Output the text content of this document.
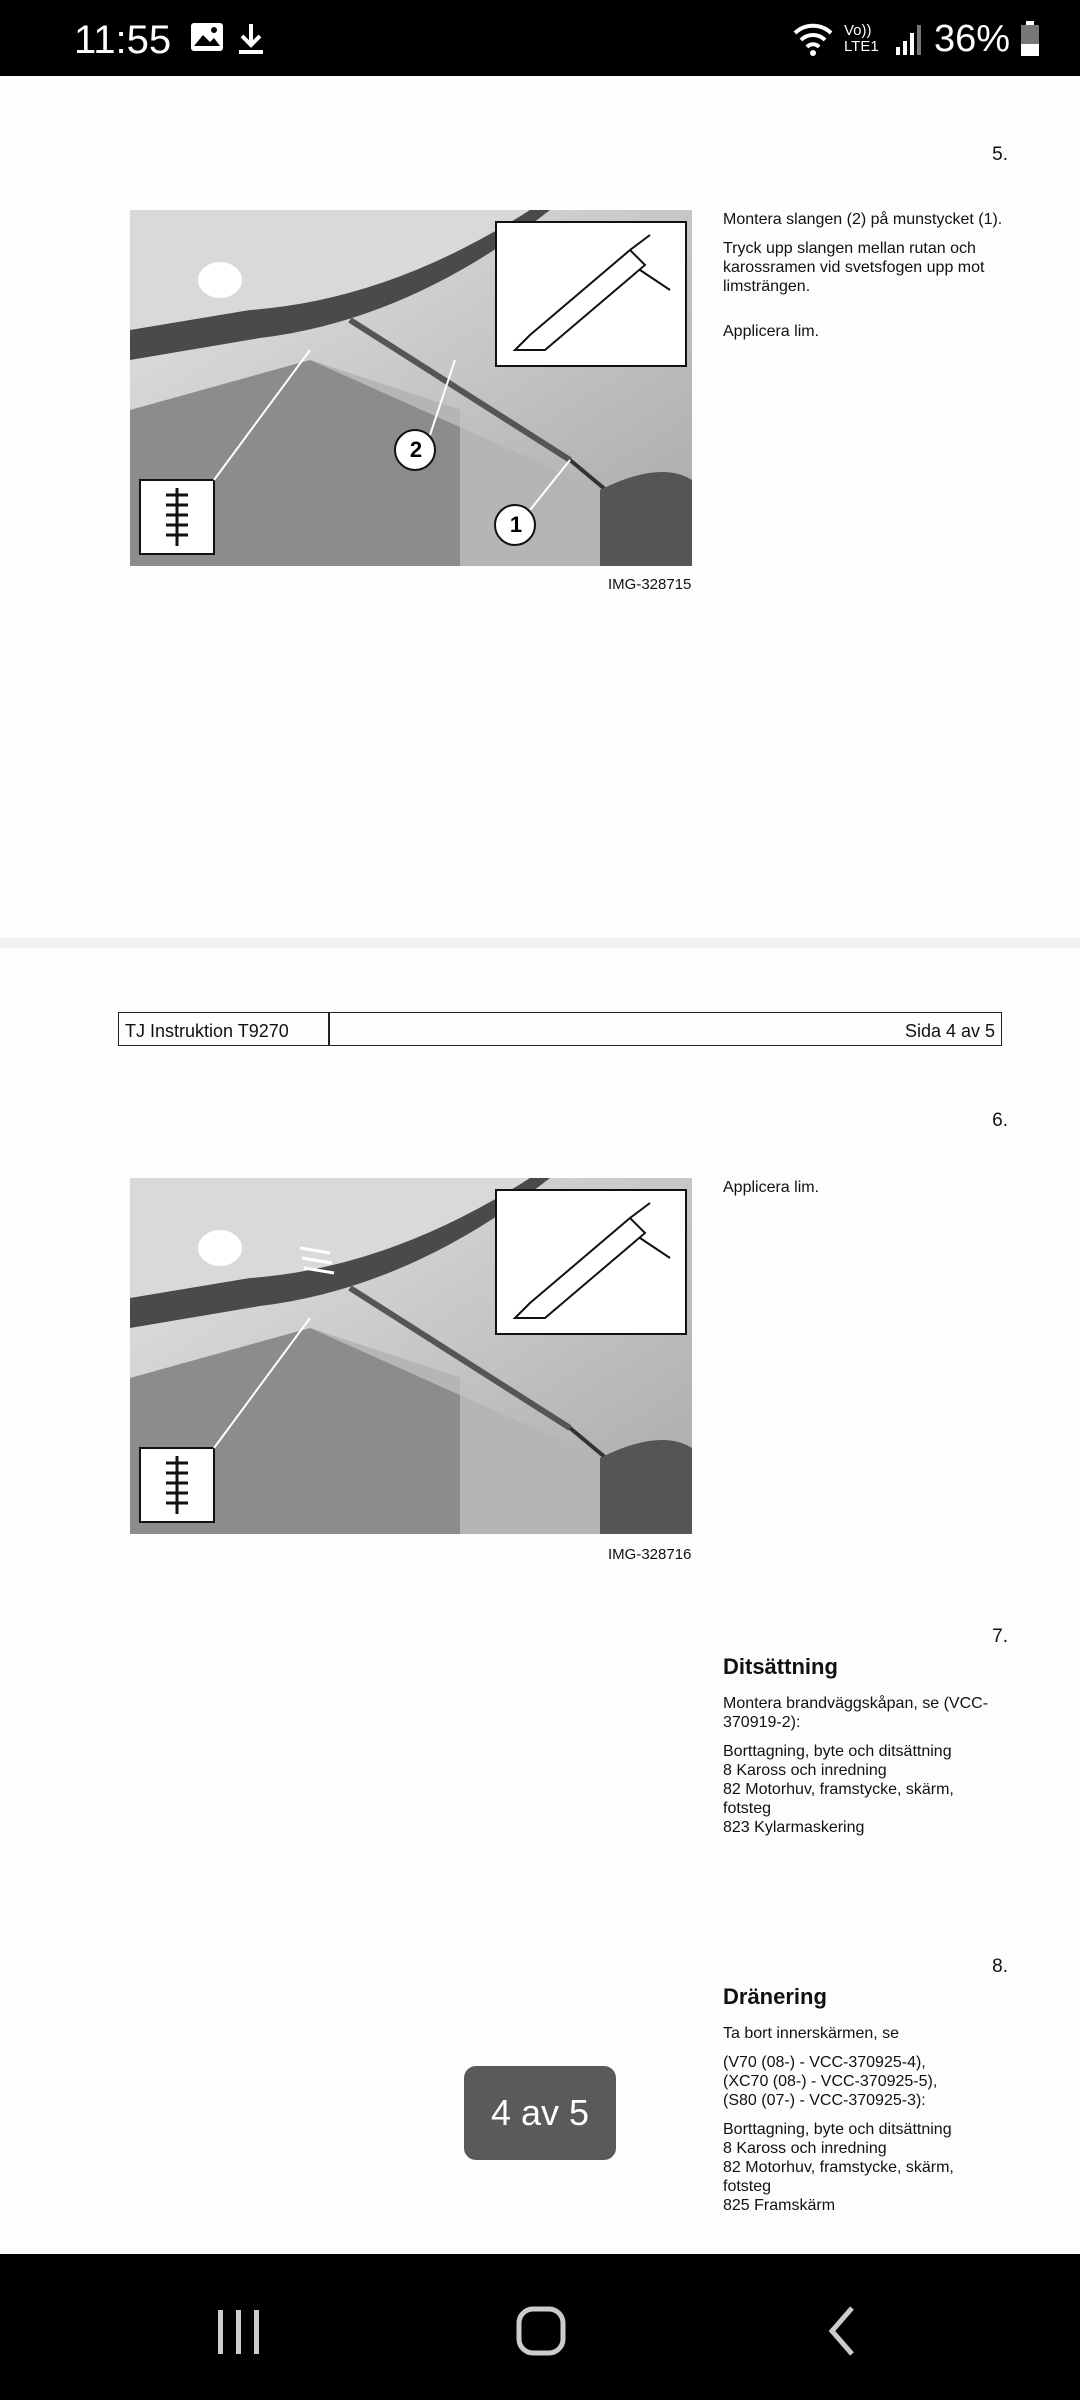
11:55	Vo)) LTE1 36%
5.
2
1
IMG-328715

Montera slangen (2) på munstycket (1).

Tryck upp slangen mellan rutan och karossramen vid svetsfogen upp mot limsträngen.

Applicera lim.

TJ Instruktion T9270	Sida 4 av 5
6.

Applicera lim.

IMG-328716
7.
Ditsättning

Montera brandväggskåpan, se (VCC-370919-2):

Borttagning, byte och ditsättning
8 Kaross och inredning
82 Motorhuv, framstycke, skärm, fotsteg
823 Kylarmaskering

8.
Dränering

Ta bort innerskärmen, se

(V70 (08-) - VCC-370925-4),
(XC70 (08-) - VCC-370925-5),
(S80 (07-) - VCC-370925-3):

Borttagning, byte och ditsättning
8 Kaross och inredning
82 Motorhuv, framstycke, skärm, fotsteg
825 Framskärm

4 av 5
